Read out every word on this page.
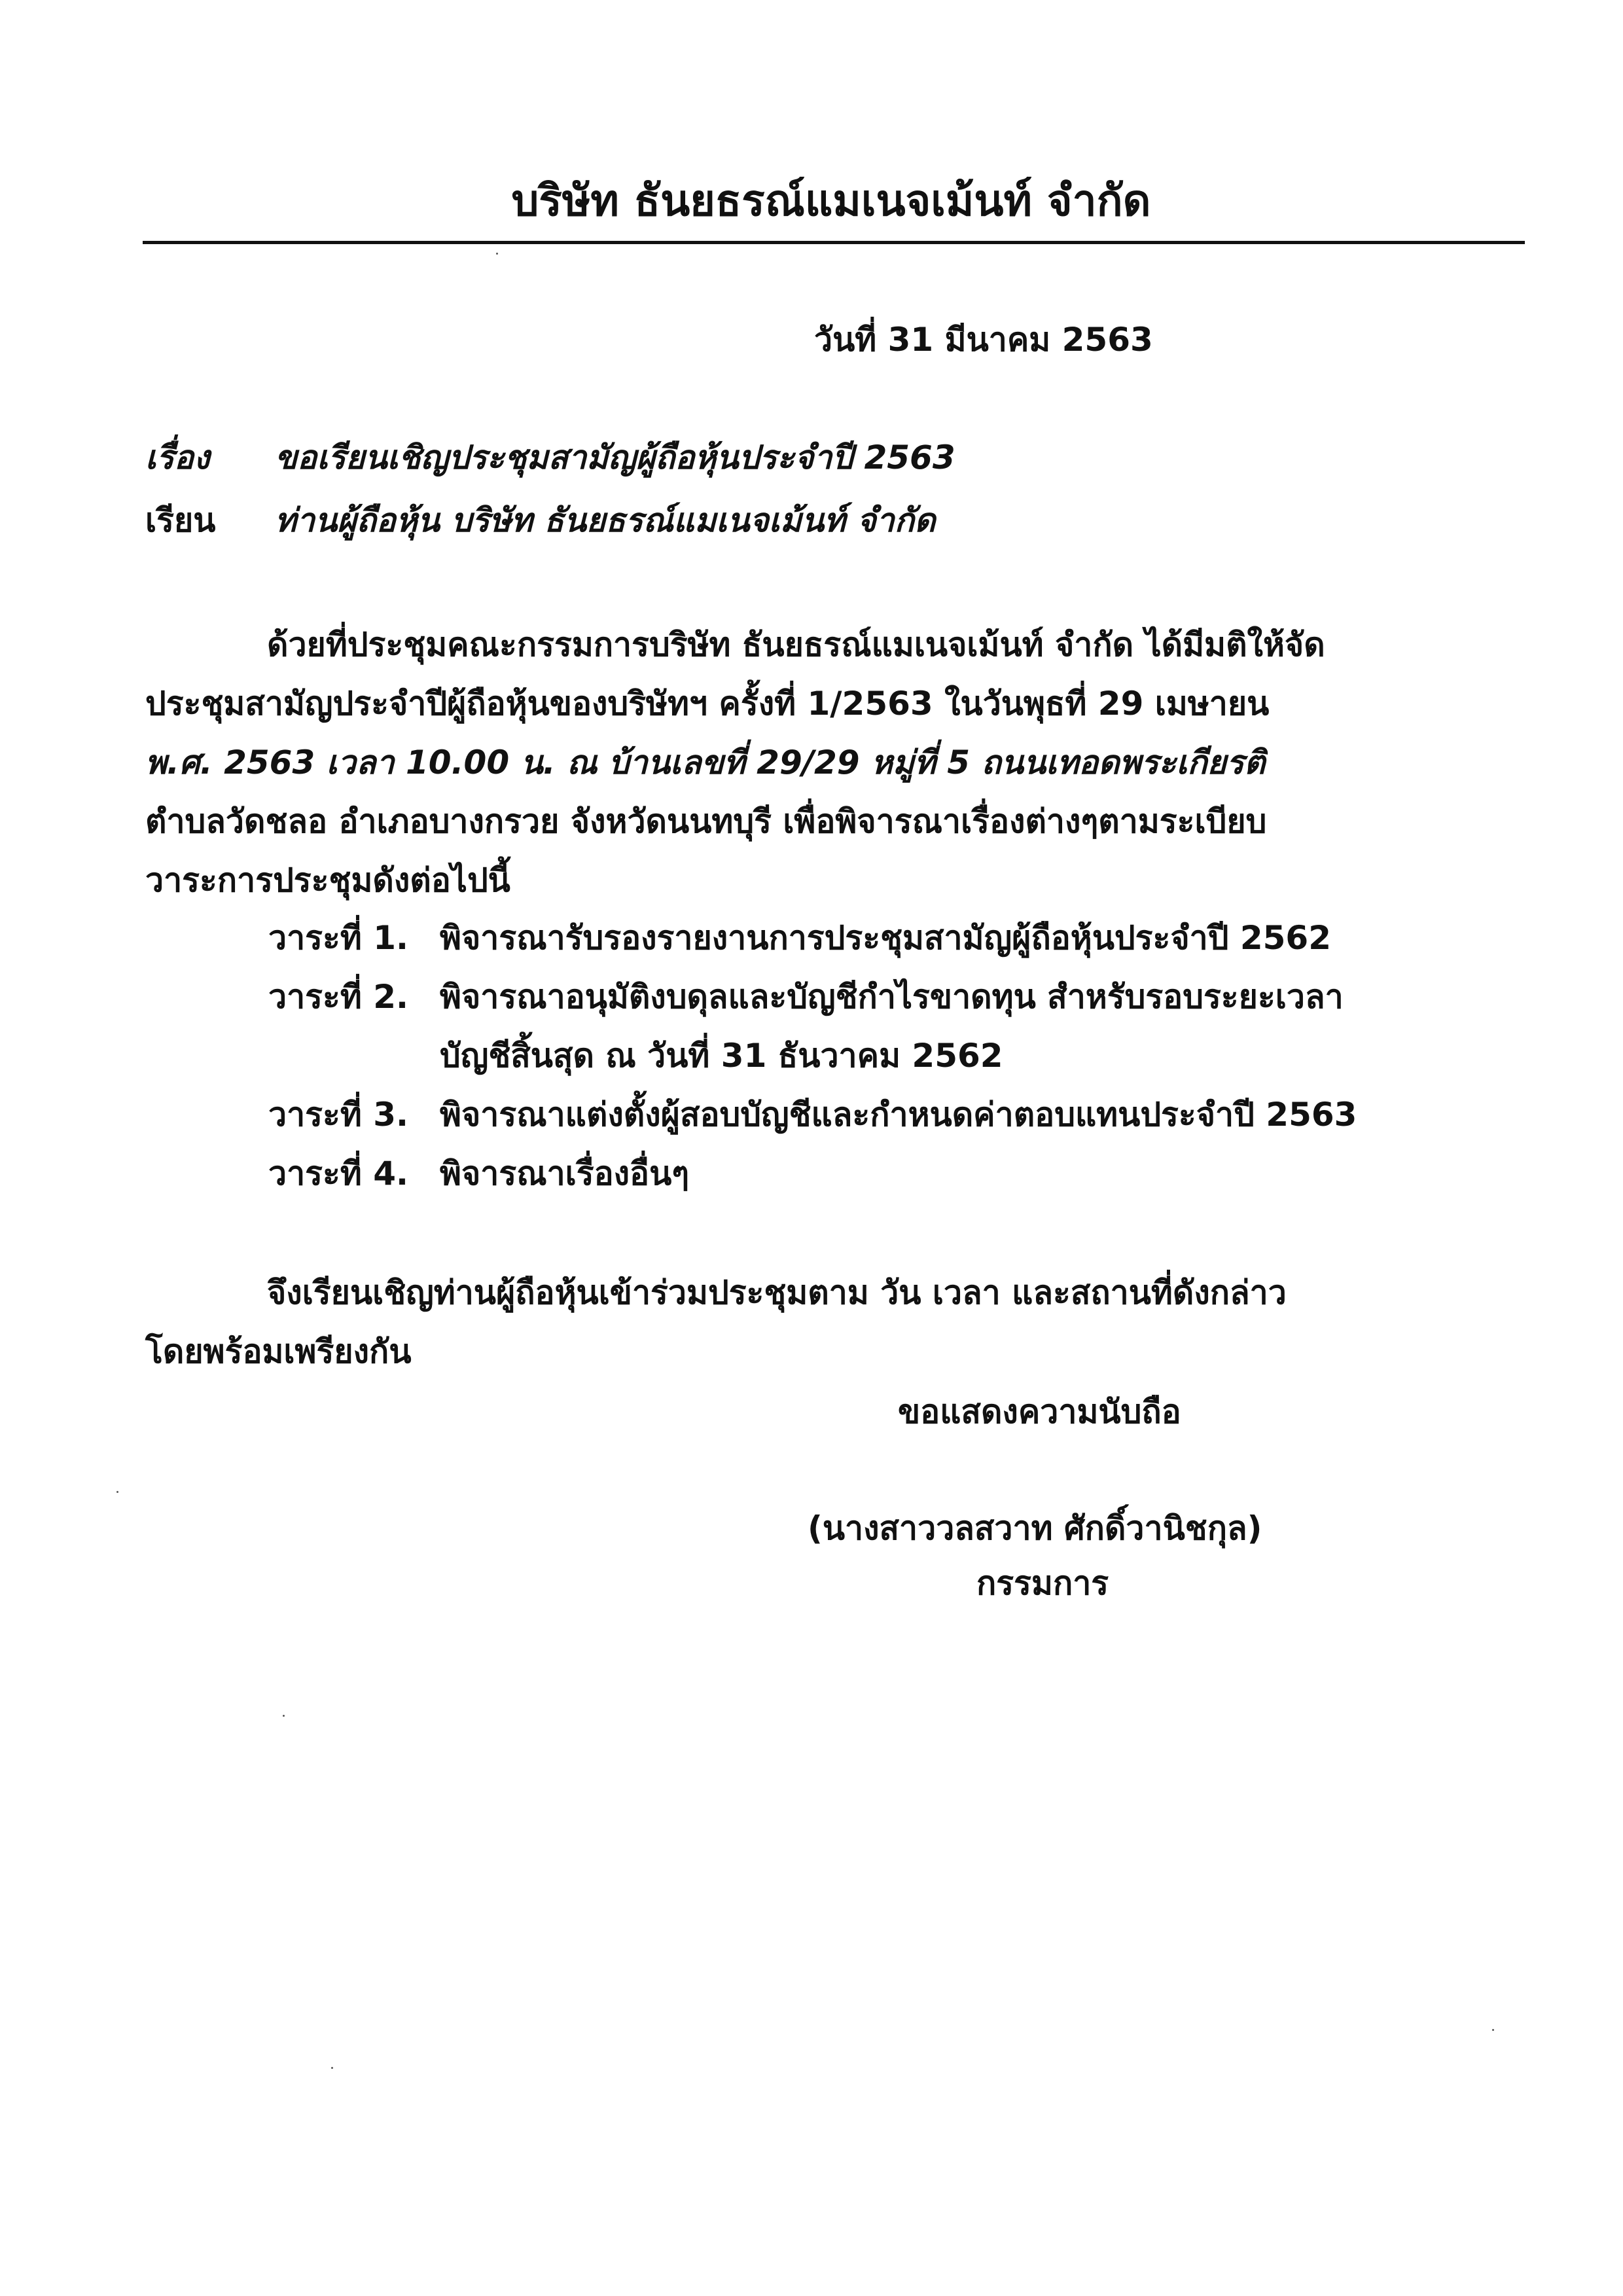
บริษัท ธันยธรณ์แมเนจเม้นท์ จำกัด
วันที่ 31 มีนาคม 2563
เรื่อง ขอเรียนเชิญประชุมสามัญผู้ถือหุ้นประจำปี 2563
เรียน ท่านผู้ถือหุ้น บริษัท ธันยธรณ์แมเนจเม้นท์ จำกัด
ด้วยที่ประชุมคณะกรรมการบริษัท ธันยธรณ์แมเนจเม้นท์ จำกัด ได้มีมติให้จัด
ประชุมสามัญประจำปีผู้ถือหุ้นของบริษัทฯ ครั้งที่ 1/2563 ในวันพุธที่ 29 เมษายน
พ.ศ. 2563 เวลา 10.00 น. ณ บ้านเลขที่ 29/29 หมู่ที่ 5 ถนนเทอดพระเกียรติ
ตำบลวัดชลอ อำเภอบางกรวย จังหวัดนนทบุรี เพื่อพิจารณาเรื่องต่างๆตามระเบียบ
วาระการประชุมดังต่อไปนี้
วาระที่ 1. พิจารณารับรองรายงานการประชุมสามัญผู้ถือหุ้นประจำปี 2562
วาระที่ 2. พิจารณาอนุมัติงบดุลและบัญชีกำไรขาดทุน สำหรับรอบระยะเวลา
บัญชีสิ้นสุด ณ วันที่ 31 ธันวาคม 2562
วาระที่ 3. พิจารณาแต่งตั้งผู้สอบบัญชีและกำหนดค่าตอบแทนประจำปี 2563
วาระที่ 4. พิจารณาเรื่องอื่นๆ
จึงเรียนเชิญท่านผู้ถือหุ้นเข้าร่วมประชุมตาม วัน เวลา และสถานที่ดังกล่าว
โดยพร้อมเพรียงกัน
ขอแสดงความนับถือ
(นางสาววลสวาท ศักดิ์วานิชกุล)
กรรมการ
